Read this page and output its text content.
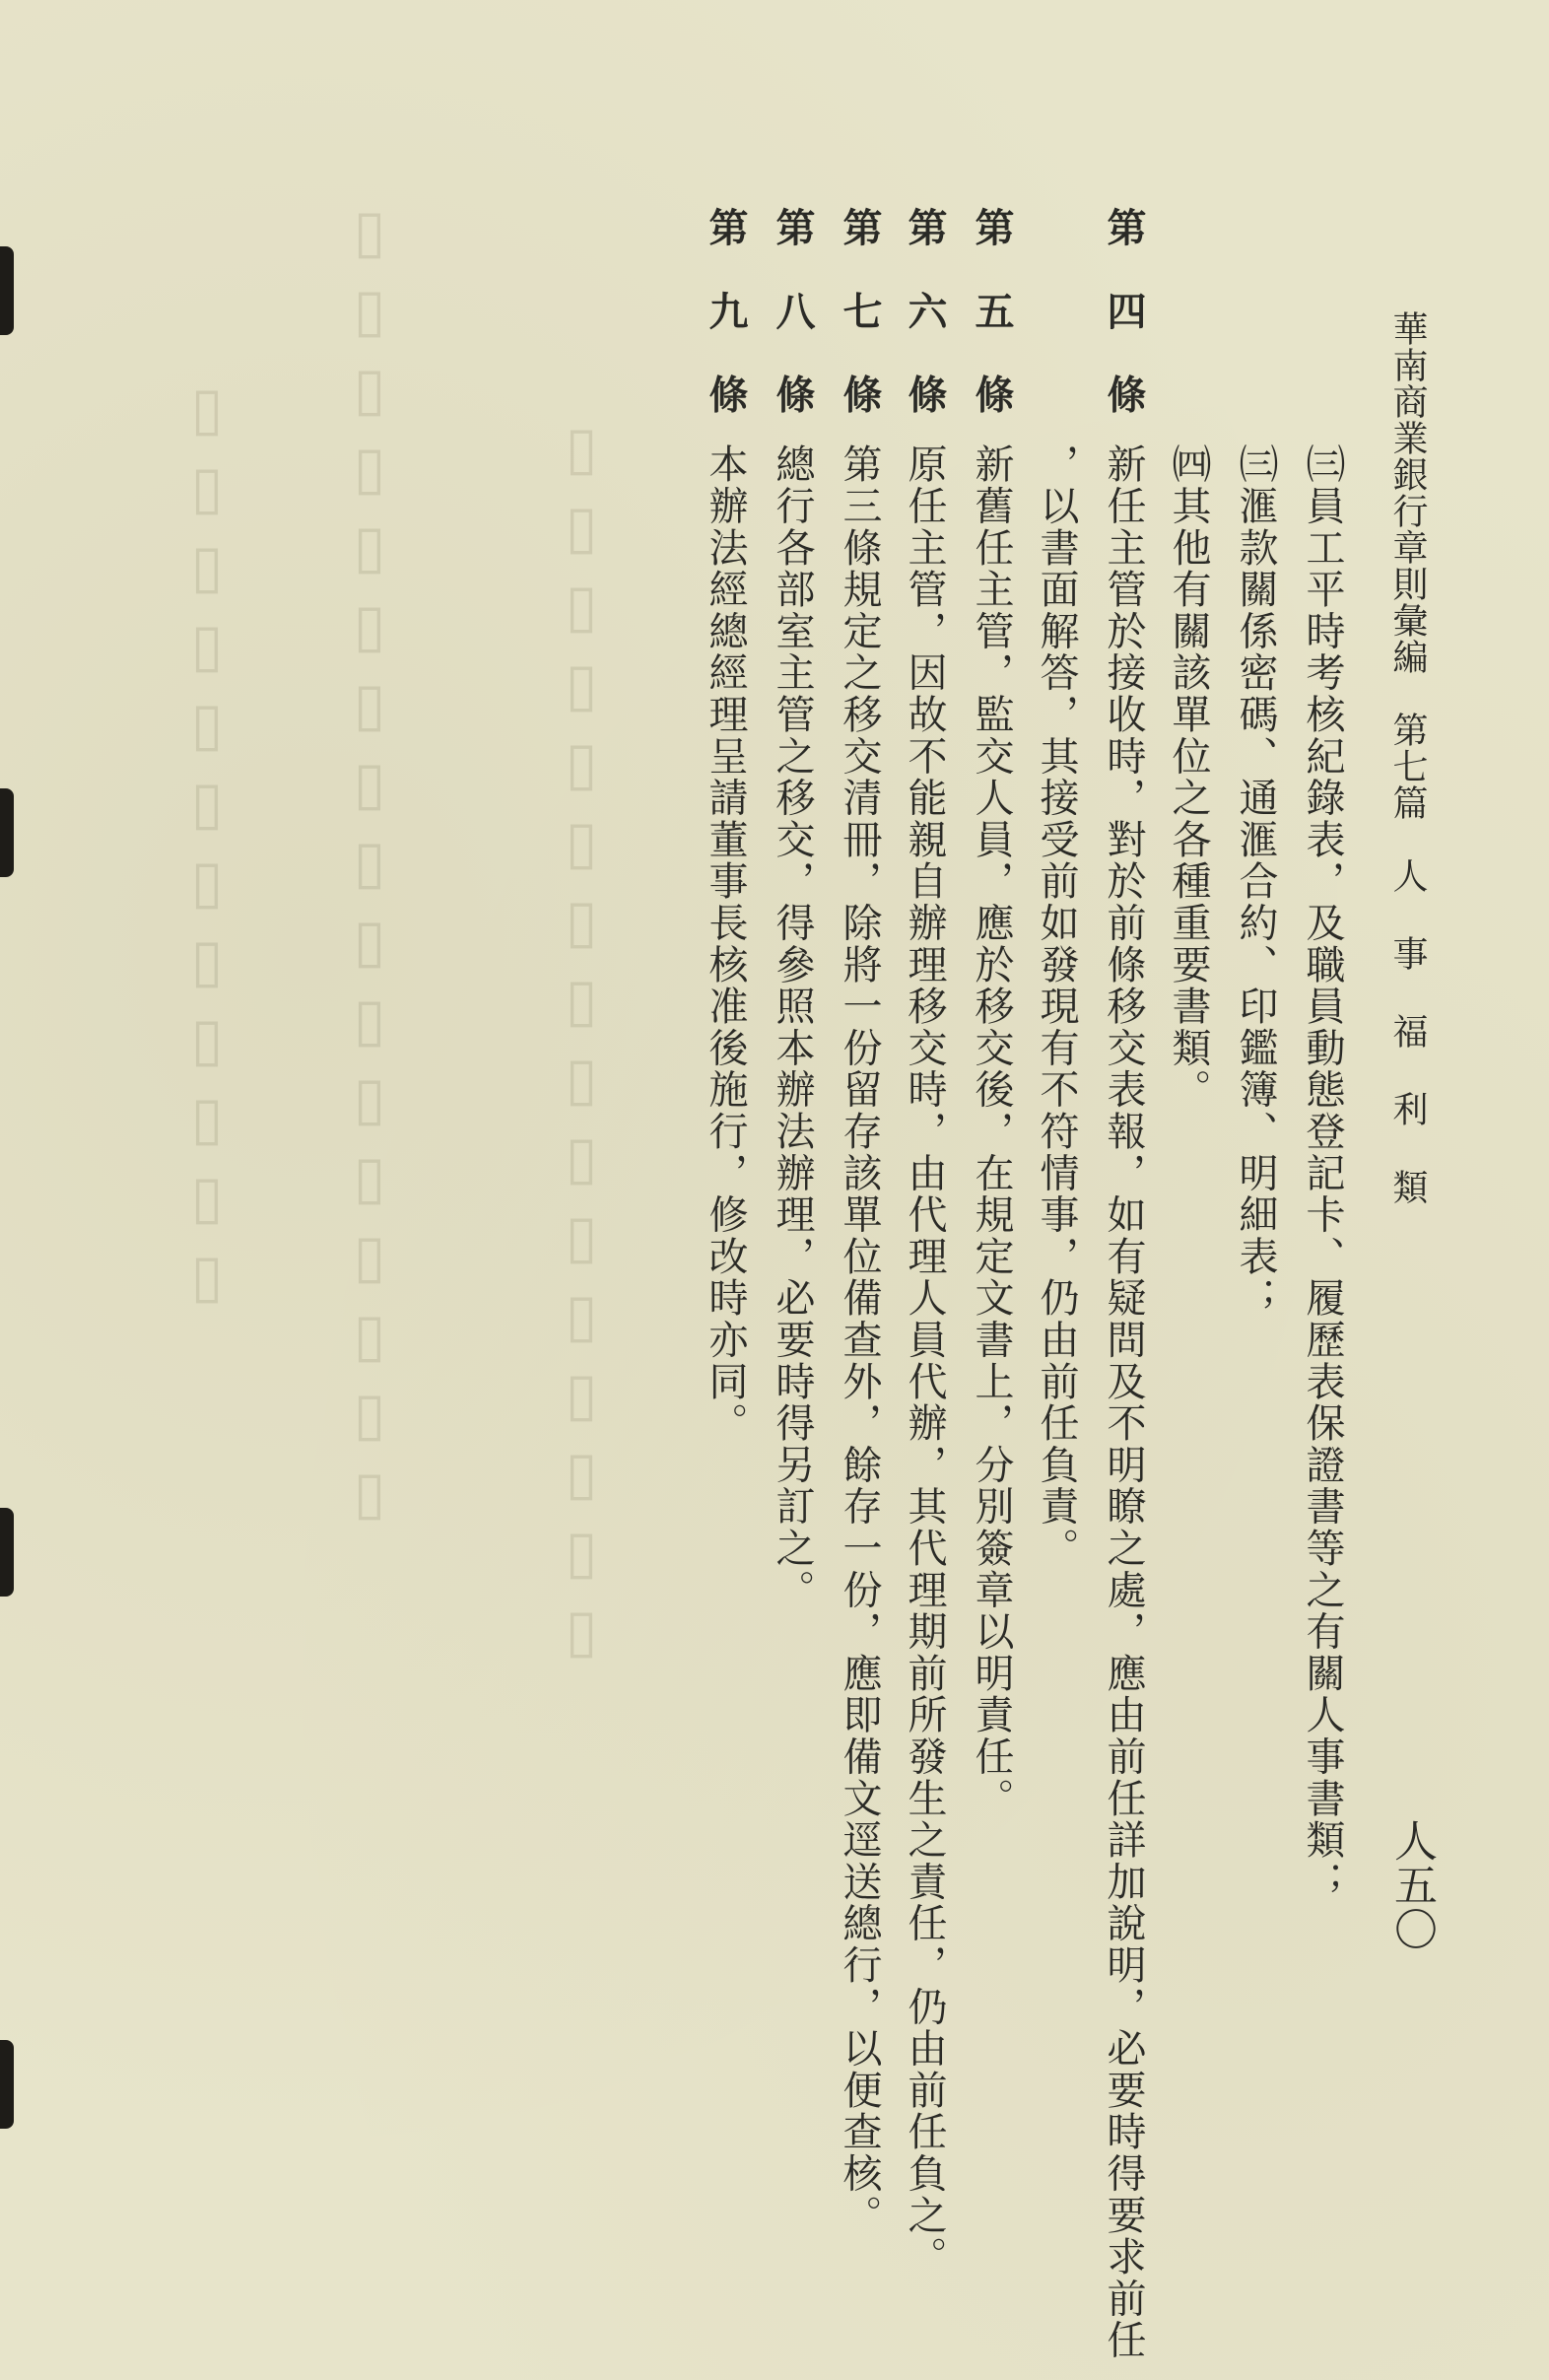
▯▯▯▯▯▯▯▯▯▯▯▯ ▯▯▯▯▯▯▯▯▯▯▯▯▯▯▯▯▯ ▯▯▯▯▯▯▯▯▯▯▯▯▯▯▯▯	華南商業銀行章則彙編　第七篇　人 事 福 利 類
人五〇
㈢員工平時考核紀錄表，及職員動態登記卡、履歷表保證書等之有關人事書類；
㈢滙款關係密碼、通滙合約、印鑑簿、明細表；
㈣其他有關該單位之各種重要書類。
第　四　條
新任主管於接收時，對於前條移交表報，如有疑問及不明瞭之處，應由前任詳加說明，必要時得要求前任
，以書面解答，其接受前如發現有不符情事，仍由前任負責。
第　五　條
新舊任主管，監交人員，應於移交後，在規定文書上，分別簽章以明責任。
第　六　條
原任主管，因故不能親自辦理移交時，由代理人員代辦，其代理期前所發生之責任，仍由前任負之。
第　七　條
第三條規定之移交清冊，除將一份留存該單位備查外，餘存一份，應即備文逕送總行，以便查核。
第　八　條
總行各部室主管之移交，得參照本辦法辦理，必要時得另訂之。
第　九　條
本辦法經總經理呈請董事長核准後施行，修改時亦同。
